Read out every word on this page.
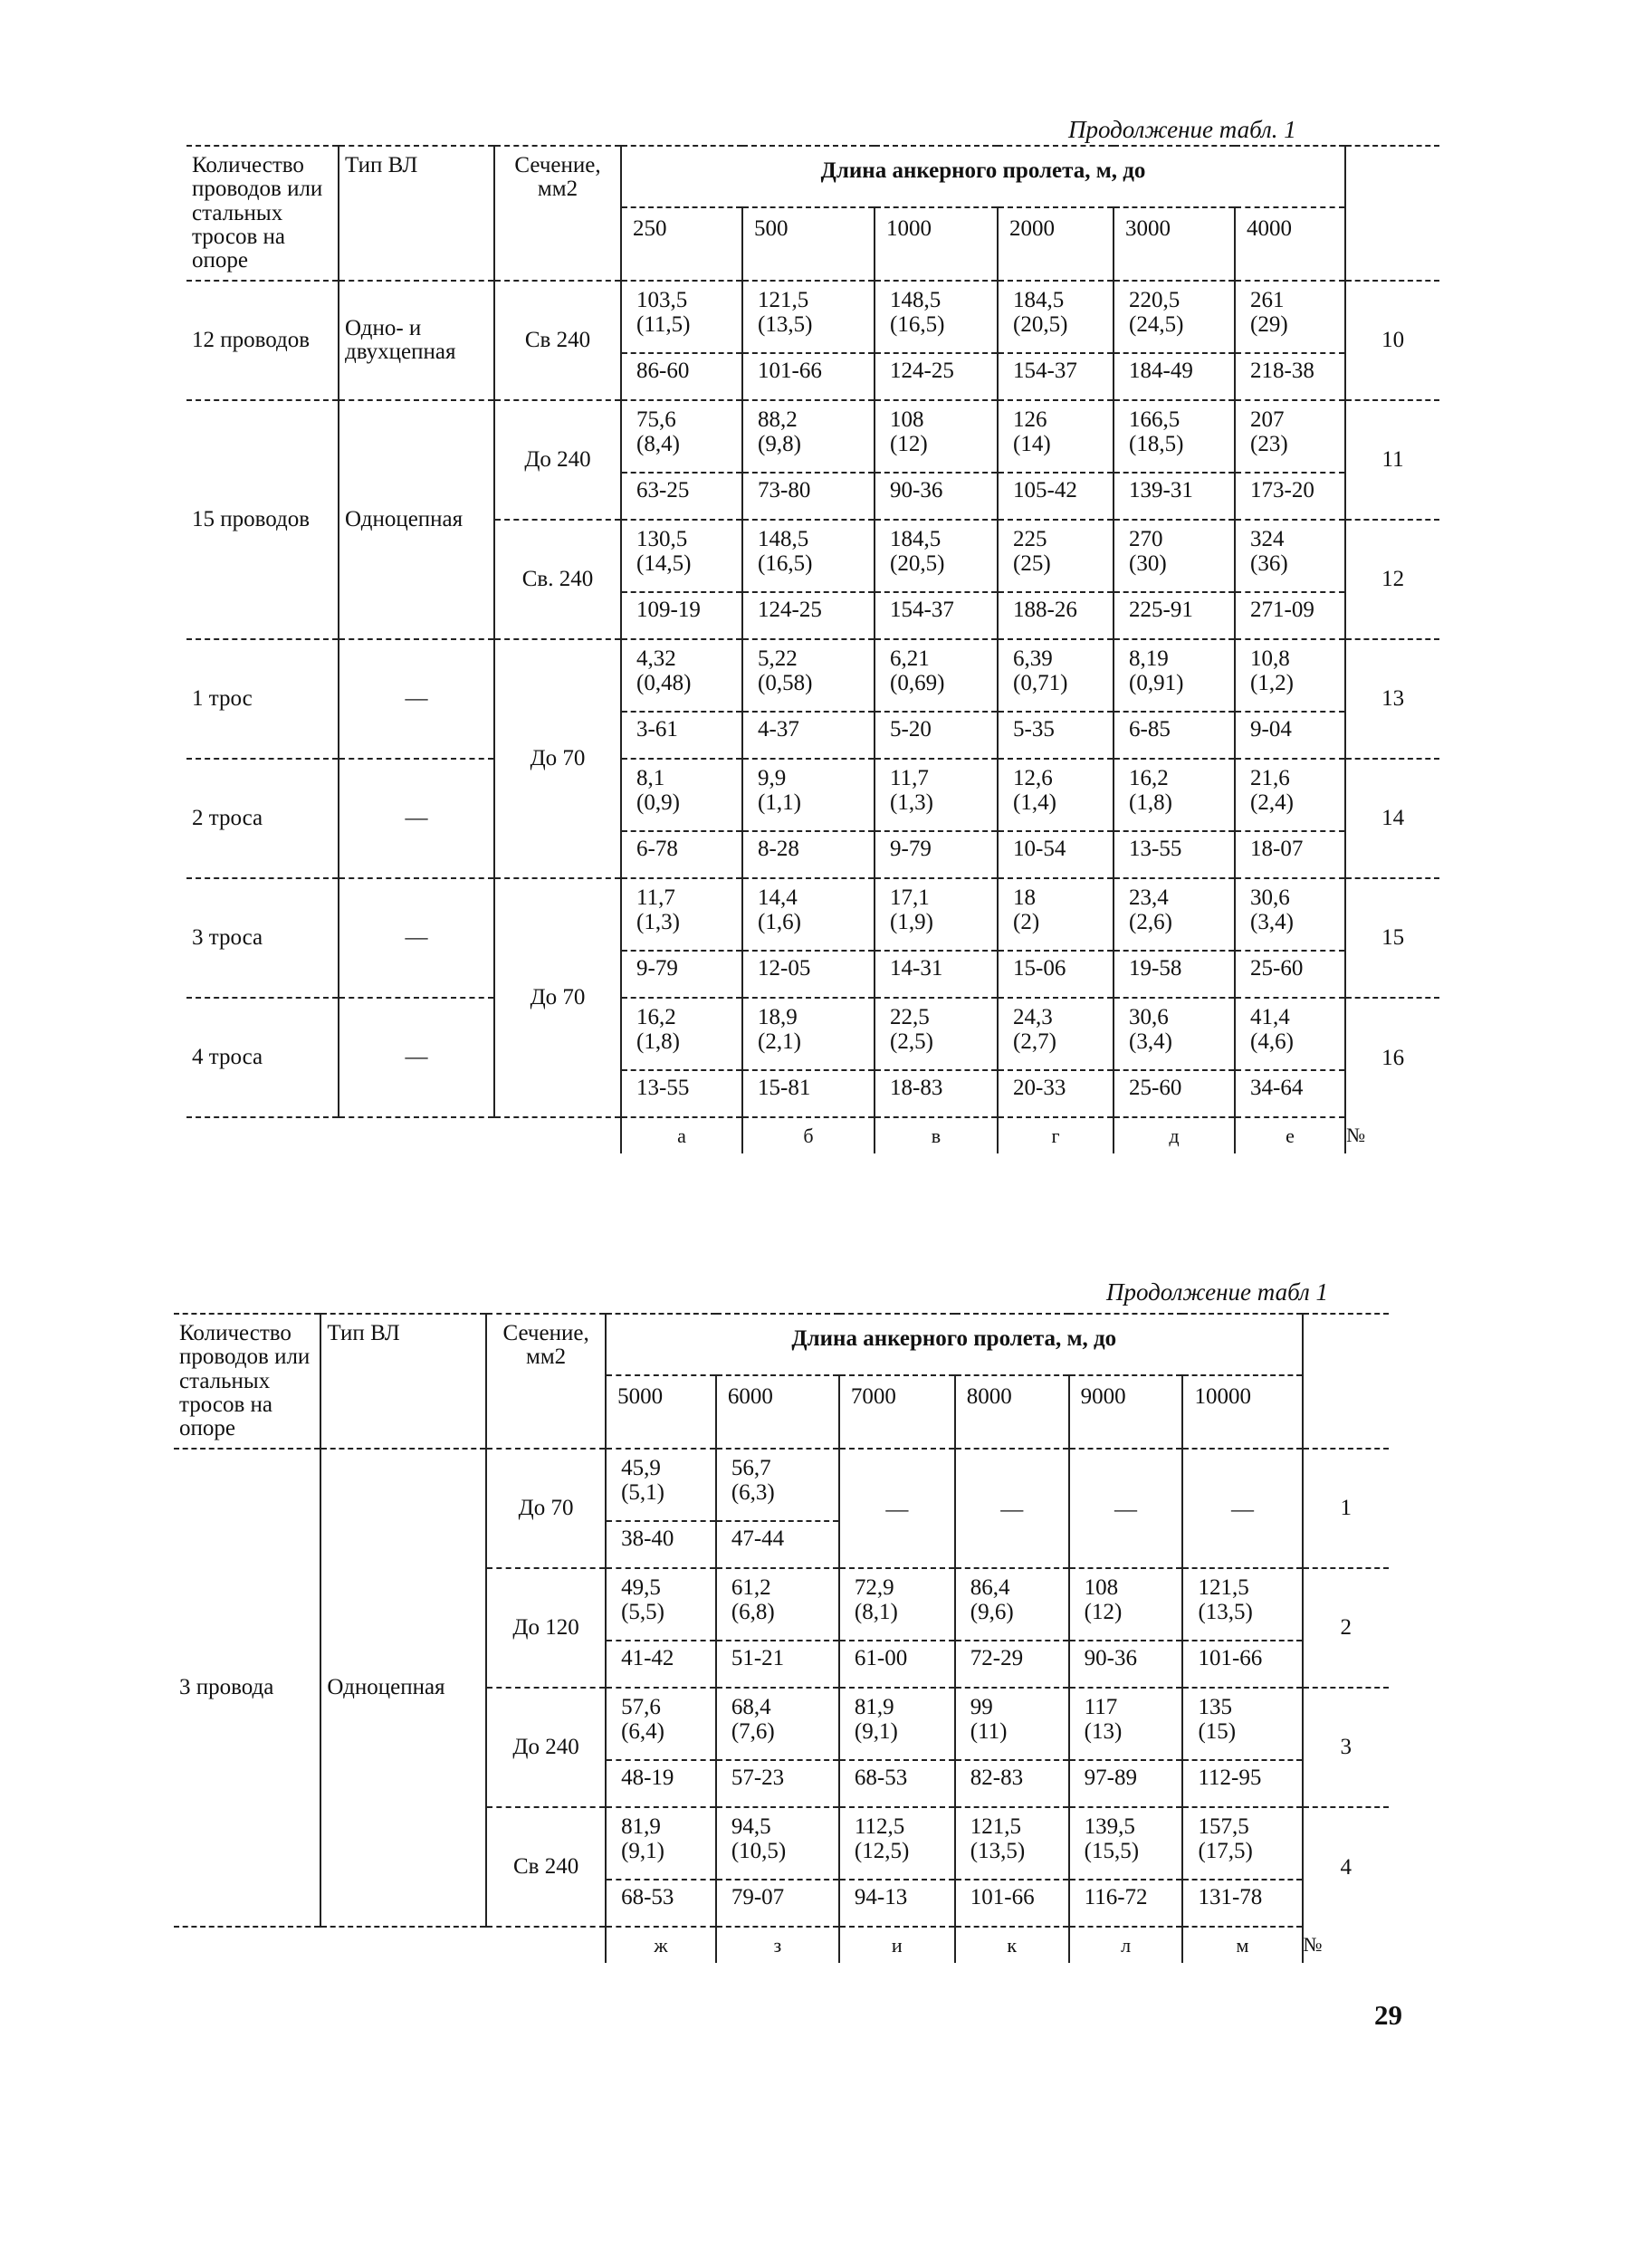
Продолжение табл. 1
Количество проводов или стальных тросов на опоре	Тип ВЛ	Сечение, мм2	Длина анкерного пролета, м, до						
			250	500	1000	2000	3000	4000	
12 проводов	Одно- и двухцепная	Св 240	103,5
(11,5)	121,5
(13,5)	148,5
(16,5)	184,5
(20,5)	220,5
(24,5)	261
(29)	10
			86-60	101-66	124-25	154-37	184-49	218-38	
15 проводов	Одноцепная	До 240	75,6
(8,4)	88,2
(9,8)	108
(12)	126
(14)	166,5
(18,5)	207
(23)	11
			63-25	73-80	90-36	105-42	139-31	173-20	
		Св. 240	130,5
(14,5)	148,5
(16,5)	184,5
(20,5)	225
(25)	270
(30)	324
(36)	12
			109-19	124-25	154-37	188-26	225-91	271-09	
1 трос	—	До 70	4,32
(0,48)	5,22
(0,58)	6,21
(0,69)	6,39
(0,71)	8,19
(0,91)	10,8
(1,2)	13
			3-61	4-37	5-20	5-35	6-85	9-04	
2 троса	—		8,1
(0,9)	9,9
(1,1)	11,7
(1,3)	12,6
(1,4)	16,2
(1,8)	21,6
(2,4)	14
			6-78	8-28	9-79	10-54	13-55	18-07	
3 троса	—	До 70	11,7
(1,3)	14,4
(1,6)	17,1
(1,9)	18
(2)	23,4
(2,6)	30,6
(3,4)	15
			9-79	12-05	14-31	15-06	19-58	25-60	
4 троса	—		16,2
(1,8)	18,9
(2,1)	22,5
(2,5)	24,3
(2,7)	30,6
(3,4)	41,4
(4,6)	16
			13-55	15-81	18-83	20-33	25-60	34-64	
			а	б	в	г	д	е	№
Продолжение табл 1
Количество проводов или стальных тросов на опоре	Тип ВЛ	Сечение, мм2	Длина анкерного пролета, м, до						
			5000	6000	7000	8000	9000	10000	
3 провода	Одноцепная	До 70	45,9
(5,1)	56,7
(6,3)	—	—	—	—	1
			38-40	47-44					
		До 120	49,5
(5,5)	61,2
(6,8)	72,9
(8,1)	86,4
(9,6)	108
(12)	121,5
(13,5)	2
			41-42	51-21	61-00	72-29	90-36	101-66	
		До 240	57,6
(6,4)	68,4
(7,6)	81,9
(9,1)	99
(11)	117
(13)	135
(15)	3
			48-19	57-23	68-53	82-83	97-89	112-95	
		Св 240	81,9
(9,1)	94,5
(10,5)	112,5
(12,5)	121,5
(13,5)	139,5
(15,5)	157,5
(17,5)	4
			68-53	79-07	94-13	101-66	116-72	131-78	
			ж	з	и	к	л	м	№
29
